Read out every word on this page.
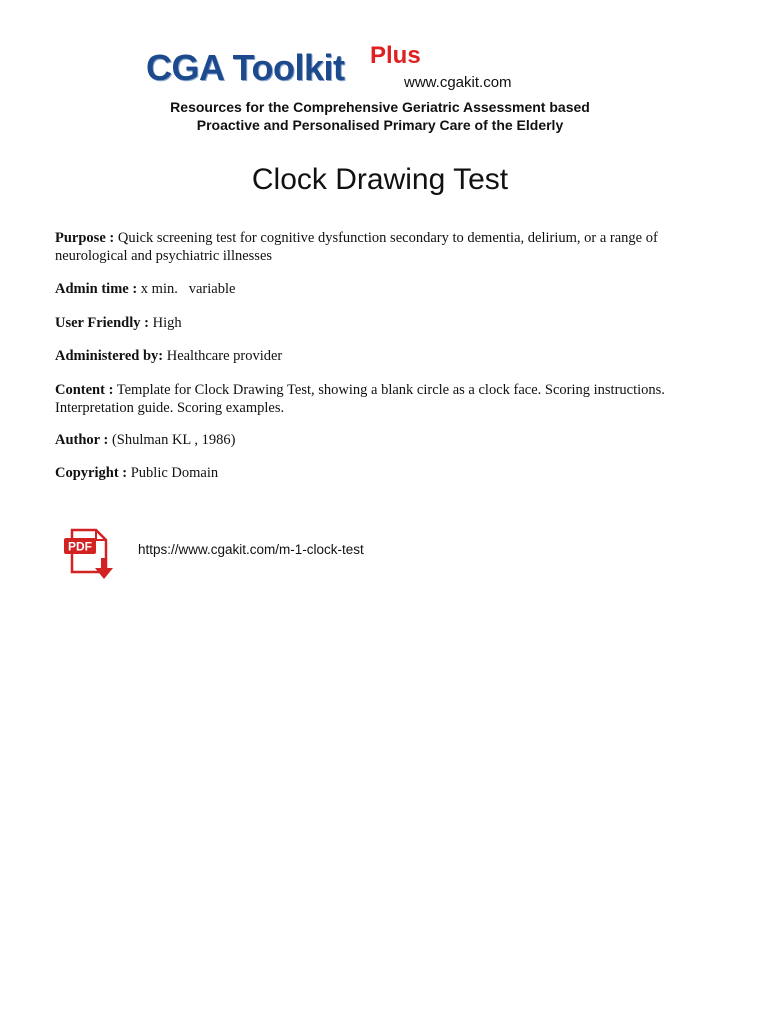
CGA Toolkit Plus
www.cgakit.com
Resources for the Comprehensive Geriatric Assessment based
Proactive and Personalised Primary Care of the Elderly
Clock Drawing Test
Purpose : Quick screening test for cognitive dysfunction secondary to dementia, delirium, or a range of neurological and psychiatric illnesses
Admin time : x min.   variable
User Friendly : High
Administered by: Healthcare provider
Content : Template for Clock Drawing Test, showing a blank circle as a clock face. Scoring instructions. Interpretation guide. Scoring examples.
Author : (Shulman KL , 1986)
Copyright : Public Domain
PDF	https://www.cgakit.com/m-1-clock-test
